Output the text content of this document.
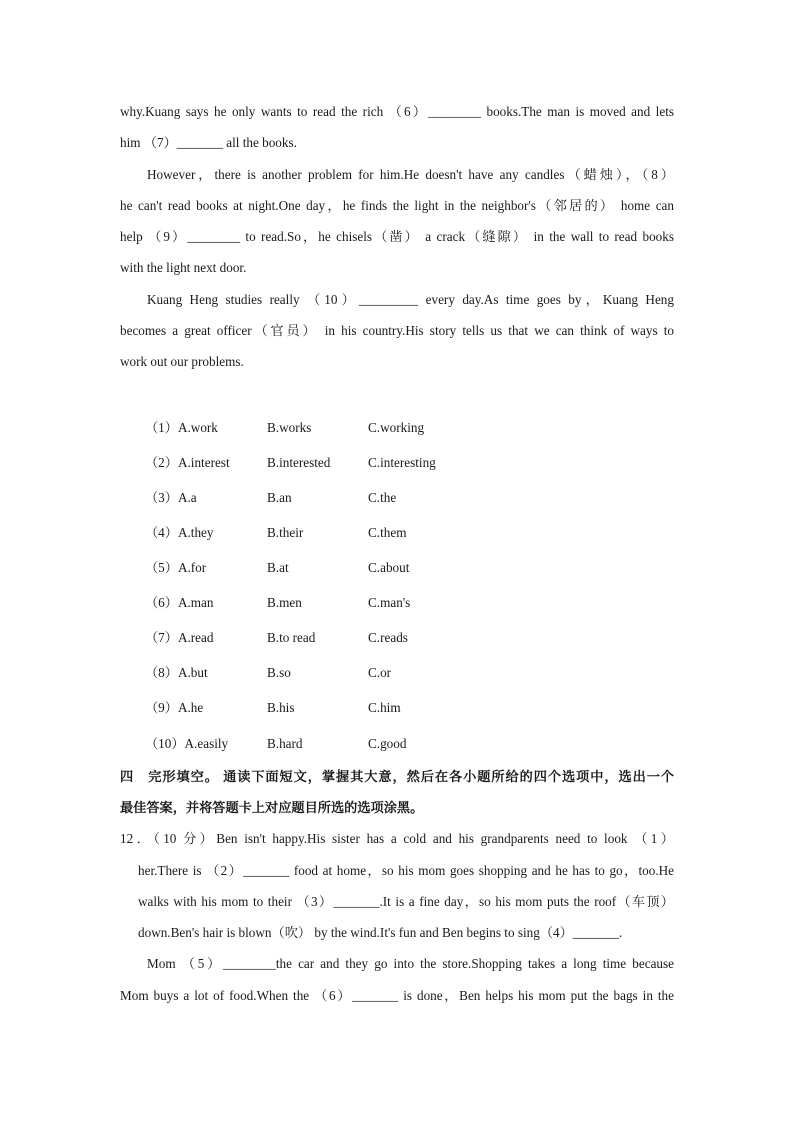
why.Kuang says he only wants to read the rich （6）________ books.The man is moved and lets
him （7）_______ all the books.
However，there is another problem for him.He doesn't have any candles（蜡烛），（8）
he can't read books at night.One day，he finds the light in the neighbor's（邻居的） home can
help （9）________ to read.So，he chisels（凿） a crack（缝隙） in the wall to read books
with the light next door.
Kuang Heng studies really （10）_________ every day.As time goes by，Kuang Heng
becomes a great officer（官员） in his country.His story tells us that we can think of ways to
work out our problems.
（1）A.work	B.works	C.working
（2）A.interest	B.interested	C.interesting
（3）A.a	B.an	C.the
（4）A.they	B.their	C.them
（5）A.for	B.at	C.about
（6）A.man	B.men	C.man's
（7）A.read	B.to read	C.reads
（8）A.but	B.so	C.or
（9）A.he	B.his	C.him
（10）A.easily	B.hard	C.good
四　完形填空。 通读下面短文，掌握其大意，然后在各小题所给的四个选项中，选出一个
最佳答案，并将答题卡上对应题目所选的选项涂黑。
12．（10 分）Ben isn't happy.His sister has a cold and his grandparents need to look （1）
her.There is （2）_______ food at home，so his mom goes shopping and he has to go，too.He
walks with his mom to their （3）_______.It is a fine day，so his mom puts the roof（车顶）
down.Ben's hair is blown（吹） by the wind.It's fun and Ben begins to sing（4）_______.
Mom （5）________the car and they go into the store.Shopping takes a long time because
Mom buys a lot of food.When the （6）_______ is done，Ben helps his mom put the bags in the
